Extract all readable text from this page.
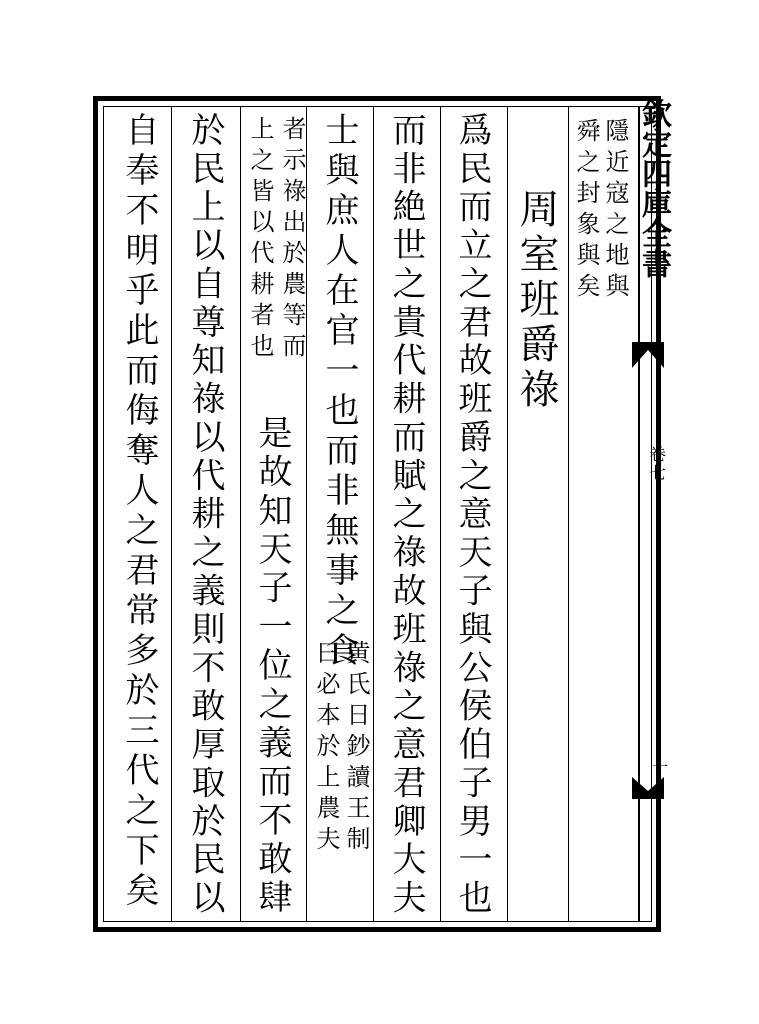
欽定四庫全書
卷七
十
隱近寇之地與
舜之封象與矣
周室班爵祿
爲民而立之君故班爵之意天子與公侯伯子男一也
而非絶世之貴代耕而賦之祿故班祿之意君卿大夫
士與庶人在官一也而非無事之食
黄氏日鈔讀王制
曰必本於上農夫
者示祿出於農等而
上之皆以代耕者也
是故知天子一位之義而不敢肆
於民上以自尊知祿以代耕之義則不敢厚取於民以
自奉不明乎此而侮奪人之君常多於三代之下矣
